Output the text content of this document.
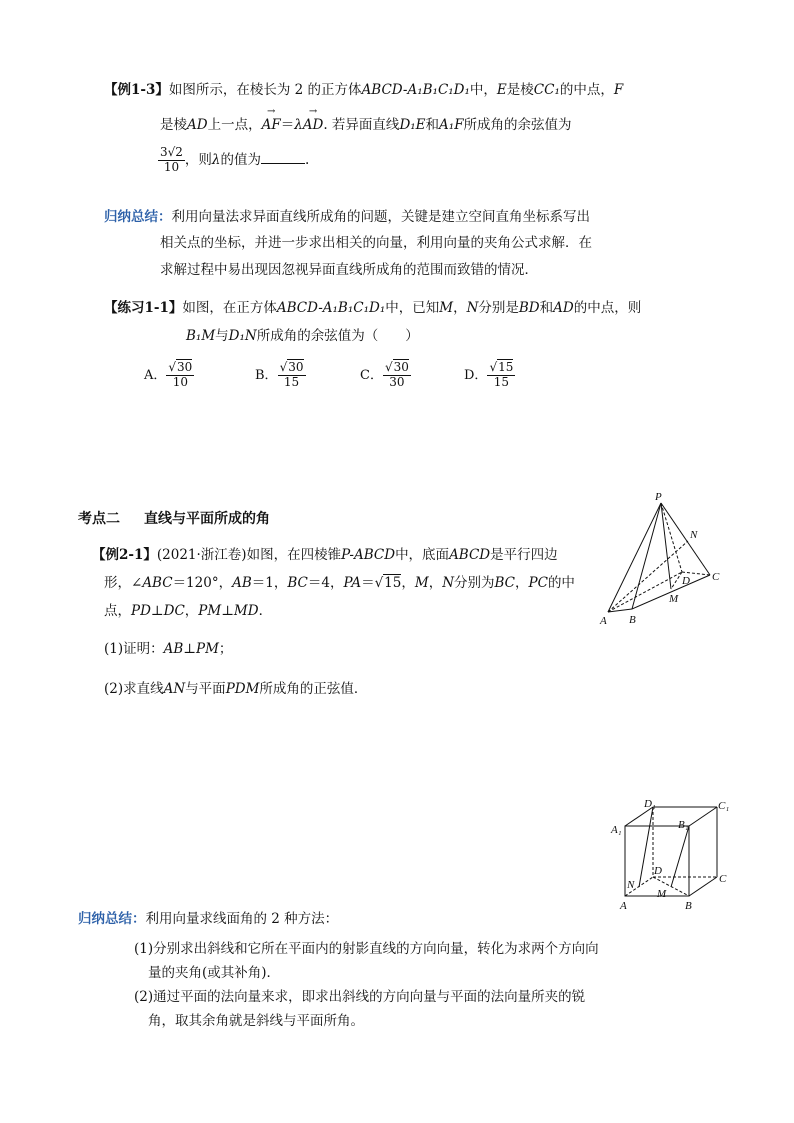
【例1-3】如图所示，在棱长为 2 的正方体ABCD-A₁B₁C₁D₁中，E是棱CC₁的中点，F
是棱AD上一点，→ AF＝λ→ AD. 若异面直线D₁E和A₁F所成角的余弦值为
$\frac{3√2}{10}$ ，则λ的值为	.
归纳总结：利用向量法求异面直线所成角的问题，关键是建立空间直角坐标系写出
相关点的坐标，并进一步求出相关的向量，利用向量的夹角公式求解．在
求解过程中易出现因忽视异面直线所成角的范围而致错的情况．
【练习1-1】如图，在正方体ABCD-A₁B₁C₁D₁中，已知M，N分别是BD和AD的中点，则
B₁M与D₁N所成角的余弦值为（　　）
A． $\frac{√30}{10}$	B． $\frac{√30}{15}$	C． $\frac{√30}{30}$	D． $\frac{√15}{15}$
考点二 直线与平面所成的角
【例2-1】(2021·浙江卷)如图，在四棱锥P-ABCD中，底面ABCD是平行四边
形，∠ABC＝120°，AB＝1，BC＝4，PA＝√15，M，N分别为BC，PC的中
点，PD⊥DC，PM⊥MD．
(1)证明：AB⊥PM；
(2)求直线AN与平面PDM所成角的正弦值．
P
N
D C
M
A B
D₁	C₁
A₁	B₁
D
N	C
M
A	B
归纳总结：利用向量求线面角的 2 种方法：
(1)分别求出斜线和它所在平面内的射影直线的方向向量，转化为求两个方向向
量的夹角(或其补角)．
(2)通过平面的法向量来求，即求出斜线的方向向量与平面的法向量所夹的锐
角，取其余角就是斜线与平面所角。
